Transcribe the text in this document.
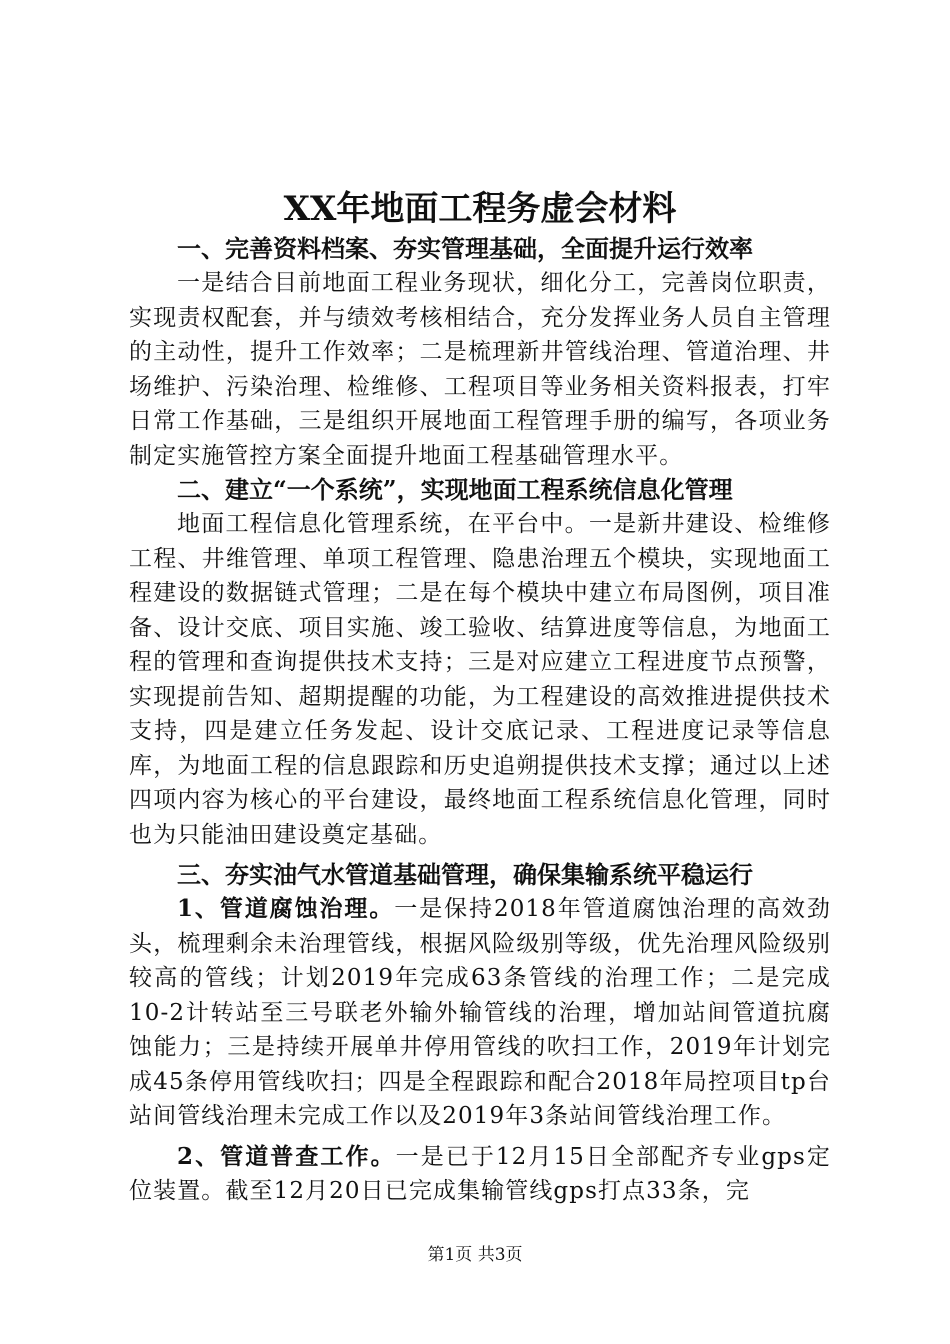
XX年地面工程务虚会材料
一、完善资料档案、夯实管理基础，全面提升运行效率

一是结合目前地面工程业务现状，细化分工，完善岗位职责，实现责权配套，并与绩效考核相结合，充分发挥业务人员自主管理的主动性，提升工作效率；二是梳理新井管线治理、管道治理、井场维护、污染治理、检维修、工程项目等业务相关资料报表，打牢日常工作基础，三是组织开展地面工程管理手册的编写，各项业务制定实施管控方案全面提升地面工程基础管理水平。

二、建立“一个系统”，实现地面工程系统信息化管理

地面工程信息化管理系统，在平台中。一是新井建设、检维修工程、井维管理、单项工程管理、隐患治理五个模块，实现地面工程建设的数据链式管理；二是在每个模块中建立布局图例，项目准备、设计交底、项目实施、竣工验收、结算进度等信息，为地面工程的管理和查询提供技术支持；三是对应建立工程进度节点预警，实现提前告知、超期提醒的功能，为工程建设的高效推进提供技术支持，四是建立任务发起、设计交底记录、工程进度记录等信息库，为地面工程的信息跟踪和历史追朔提供技术支撑；通过以上述四项内容为核心的平台建设，最终地面工程系统信息化管理，同时也为只能油田建设奠定基础。

三、夯实油气水管道基础管理，确保集输系统平稳运行

1、管道腐蚀治理。一是保持2018年管道腐蚀治理的高效劲头，梳理剩余未治理管线，根据风险级别等级，优先治理风险级别较高的管线；计划2019年完成63条管线的治理工作；二是完成10-2计转站至三号联老外输外输管线的治理，增加站间管道抗腐蚀能力；三是持续开展单井停用管线的吹扫工作，2019年计划完成45条停用管线吹扫；四是全程跟踪和配合2018年局控项目tp台站间管线治理未完成工作以及2019年3条站间管线治理工作。

2、管道普查工作。一是已于12月15日全部配齐专业gps定位装置。截至12月20日已完成集输管线gps打点33条，完

第1页 共3页
